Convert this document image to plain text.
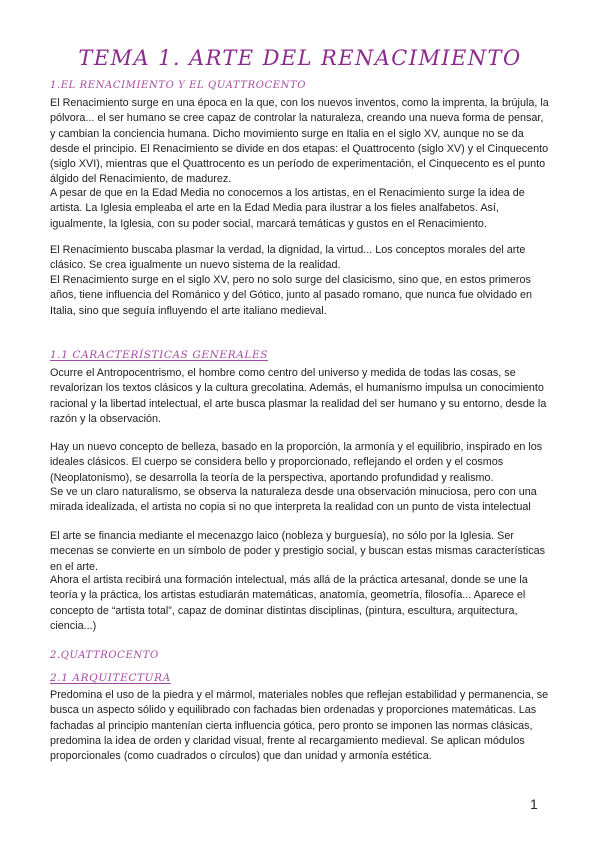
TEMA 1. ARTE DEL RENACIMIENTO
1.EL RENACIMIENTO Y EL QUATTROCENTO

El Renacimiento surge en una época en la que, con los nuevos inventos, como la imprenta, la brújula, la pólvora... el ser humano se cree capaz de controlar la naturaleza, creando una nueva forma de pensar, y cambian la conciencia humana. Dicho movimiento surge en Italia en el siglo XV, aunque no se da desde el principio. El Renacimiento se divide en dos etapas: el Quattrocento (siglo XV) y el Cinquecento (siglo XVI), mientras que el Quattrocento es un período de experimentación, el Cinquecento es el punto álgido del Renacimiento, de madurez.

A pesar de que en la Edad Media no conocemos a los artistas, en el Renacimiento surge la idea de artista. La Iglesia empleaba el arte en la Edad Media para ilustrar a los fieles analfabetos. Así, igualmente, la Iglesia, con su poder social, marcará temáticas y gustos en el Renacimiento.

El Renacimiento buscaba plasmar la verdad, la dignidad, la virtud... Los conceptos morales del arte clásico. Se crea igualmente un nuevo sistema de la realidad.

El Renacimiento surge en el siglo XV, pero no solo surge del clasicismo, sino que, en estos primeros años, tiene influencia del Románico y del Gótico, junto al pasado romano, que nunca fue olvidado en Italia, sino que seguía influyendo el arte italiano medieval.

1.1 CARACTERÍSTICAS GENERALES

Ocurre el Antropocentrismo, el hombre como centro del universo y medida de todas las cosas, se revalorizan los textos clásicos y la cultura grecolatina. Además, el humanismo impulsa un conocimiento racional y la libertad intelectual, el arte busca plasmar la realidad del ser humano y su entorno, desde la razón y la observación.

Hay un nuevo concepto de belleza, basado en la proporción, la armonía y el equilibrio, inspirado en los ideales clásicos. El cuerpo se considera bello y proporcionado, reflejando el orden y el cosmos (Neoplatonismo), se desarrolla la teoría de la perspectiva, aportando profundidad y realismo.

Se ve un claro naturalismo, se observa la naturaleza desde una observación minuciosa, pero con una mirada idealizada, el artista no copia si no que interpreta la realidad con un punto de vista intelectual

El arte se financia mediante el mecenazgo laico (nobleza y burguesía), no sólo por la Iglesia. Ser mecenas se convierte en un símbolo de poder y prestigio social, y buscan estas mismas características en el arte.

Ahora el artista recibirá una formación intelectual, más allá de la práctica artesanal, donde se une la teoría y la práctica, los artistas estudiarán matemáticas, anatomía, geometría, filosofía... Aparece el concepto de “artista total”, capaz de dominar distintas disciplinas, (pintura, escultura, arquitectura, ciencia...)

2.QUATTROCENTO
2.1 ARQUITECTURA

Predomina el uso de la piedra y el mármol, materiales nobles que reflejan estabilidad y permanencia, se busca un aspecto sólido y equilibrado con fachadas bien ordenadas y proporciones matemáticas. Las fachadas al principio mantenían cierta influencia gótica, pero pronto se imponen las normas clásicas, predomina la idea de orden y claridad visual, frente al recargamiento medieval. Se aplican módulos proporcionales (como cuadrados o círculos) que dan unidad y armonía estética.

1
